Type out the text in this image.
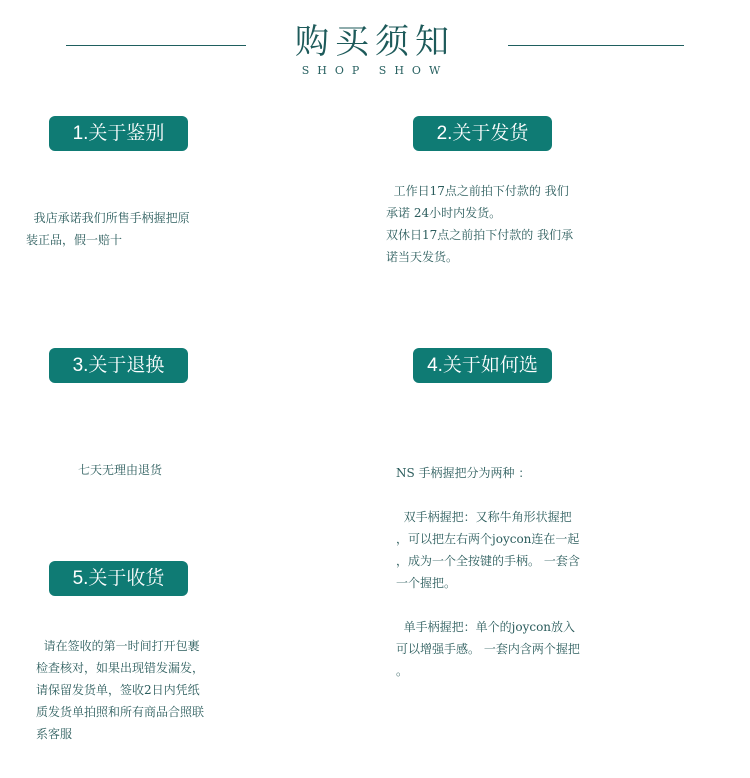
购买须知
SHOP SHOW
1.关于鉴别
我店承诺我们所售手柄握把原
装正品，假一赔十
2.关于发货
工作日17点之前拍下付款的 我们
承诺 24小时内发货。
双休日17点之前拍下付款的 我们承
诺当天发货。
3.关于退换
七天无理由退货
4.关于如何选
NS 手柄握把分为两种 ：

双手柄握把：又称牛角形状握把
，可以把左右两个joycon连在一起
，成为一个全按键的手柄。 一套含
一个握把。

单手柄握把：单个的joycon放入
可以增强手感。 一套内含两个握把
。
5.关于收货
请在签收的第一时间打开包裹
检查核对，如果出现错发漏发，
请保留发货单，签收2日内凭纸
质发货单拍照和所有商品合照联
系客服
